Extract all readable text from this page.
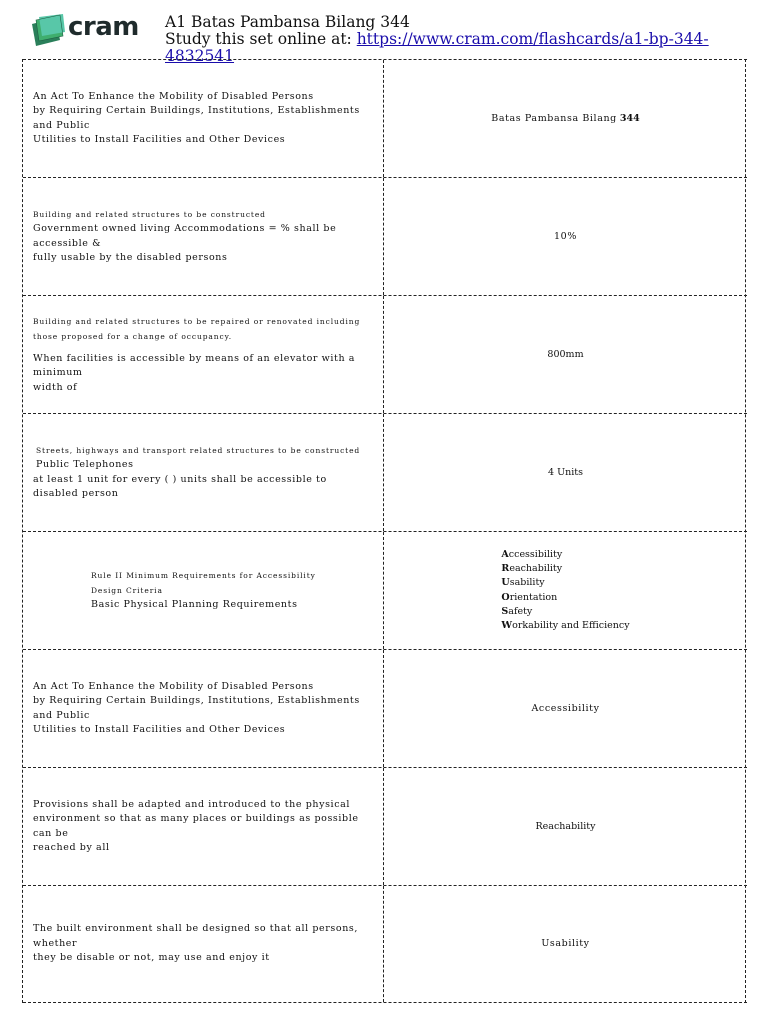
cram A1 Batas Pambansa Bilang 344
Study this set online at: https://www.cram.com/flashcards/a1-bp-344-4832541
An Act To Enhance the Mobility of Disabled Persons
by Requiring Certain Buildings, Institutions, Establishments and Public
Utilities to Install Facilities and Other Devices
Batas Pambansa Bilang 344
Building and related structures to be constructed
Government owned living Accommodations = % shall be accessible &
fully usable by the disabled persons
10%
Building and related structures to be repaired or renovated including those proposed for a change of occupancy.
When facilities is accessible by means of an elevator with a minimum
width of
800mm
Streets, highways and transport related structures to be constructed
Public Telephones
at least 1 unit for every ( ) units shall be accessible to disabled person
4 Units
Rule II Minimum Requirements for Accessibility
Design Criteria
Basic Physical Planning Requirements
Accessibility
Reachability
Usability
Orientation
Safety
Workability and Efficiency
An Act To Enhance the Mobility of Disabled Persons
by Requiring Certain Buildings, Institutions, Establishments and Public
Utilities to Install Facilities and Other Devices
Accessibility
Provisions shall be adapted and introduced to the physical
environment so that as many places or buildings as possible can be
reached by all
Reachability
The built environment shall be designed so that all persons, whether
they be disable or not, may use and enjoy it
Usability
